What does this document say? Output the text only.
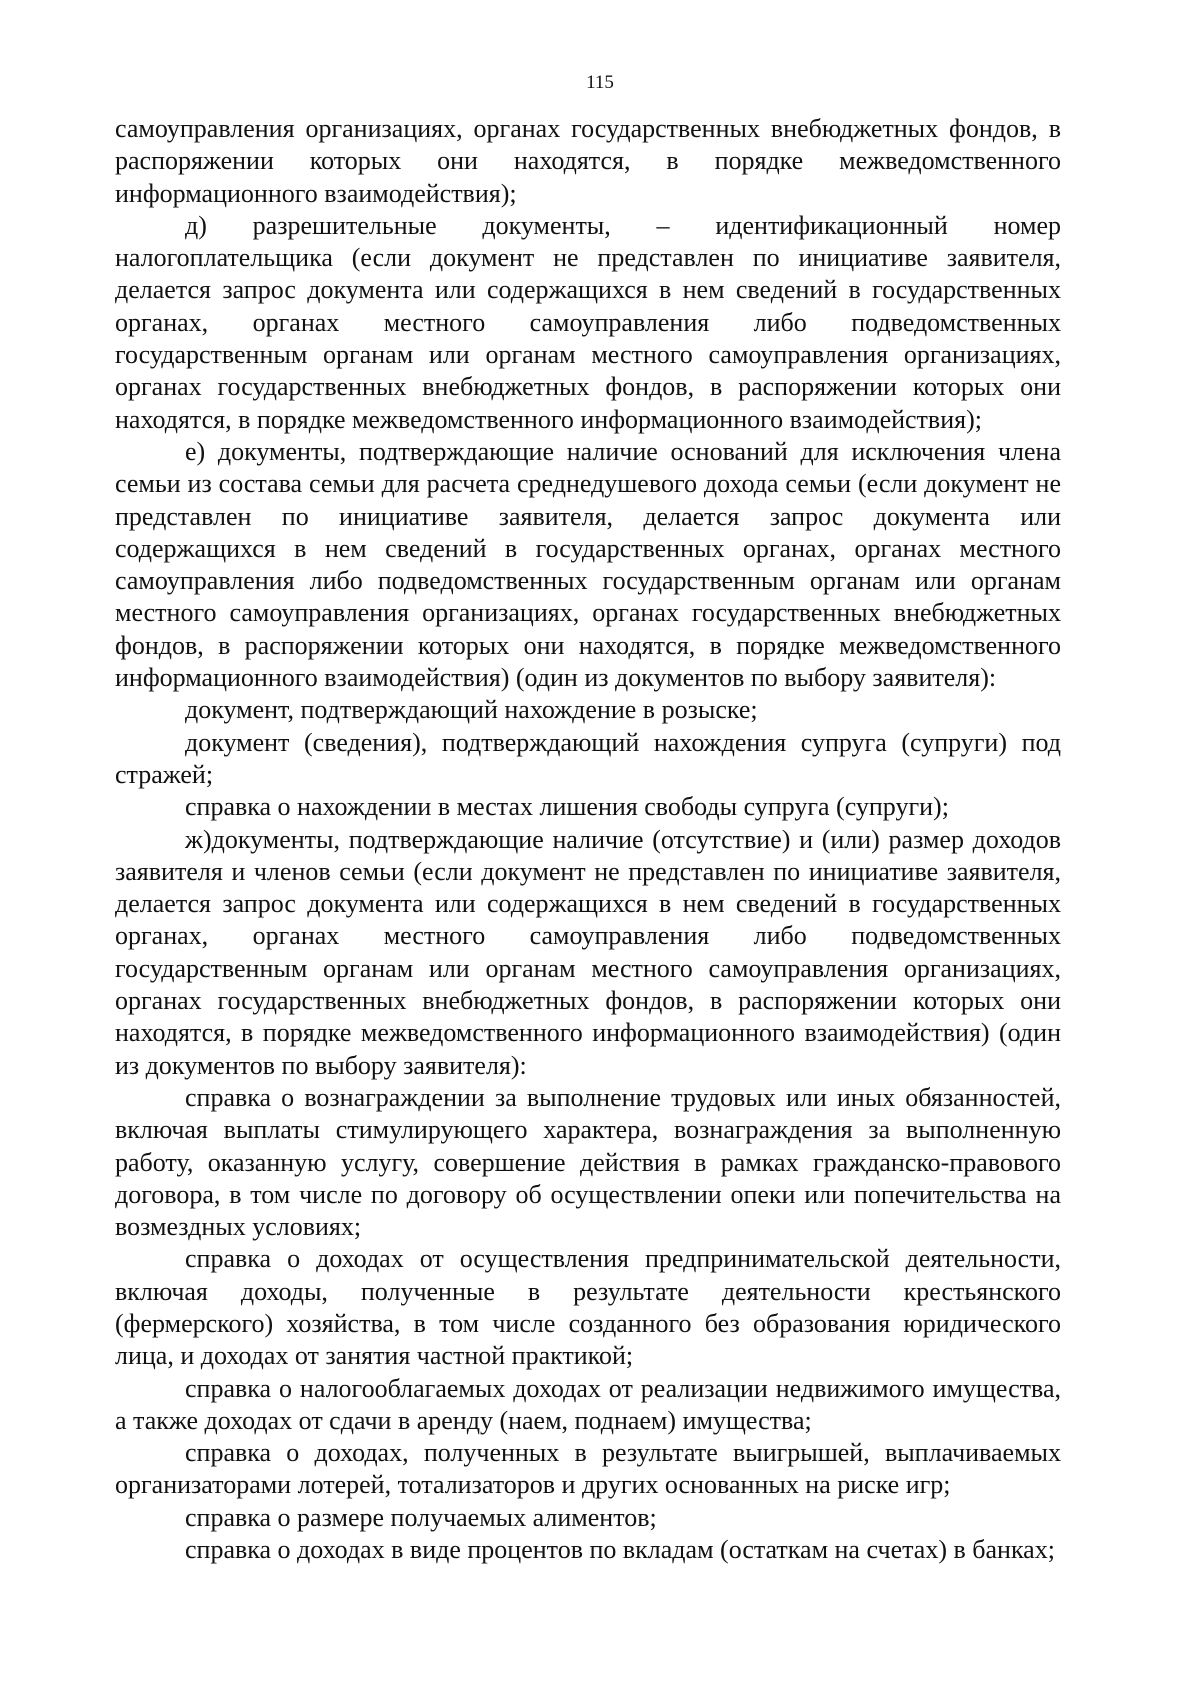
115

самоуправления организациях, органах государственных внебюджетных фондов, в распоряжении которых они находятся, в порядке межведомственного информационного взаимодействия);

д) разрешительные документы, – идентификационный номер налогоплательщика (если документ не представлен по инициативе заявителя, делается запрос документа или содержащихся в нем сведений в государственных органах, органах местного самоуправления либо подведомственных государственным органам или органам местного самоуправления организациях, органах государственных внебюджетных фондов, в распоряжении которых они находятся, в порядке межведомственного информационного взаимодействия);

е) документы, подтверждающие наличие оснований для исключения члена семьи из состава семьи для расчета среднедушевого дохода семьи (если документ не представлен по инициативе заявителя, делается запрос документа или содержащихся в нем сведений в государственных органах, органах местного самоуправления либо подведомственных государственным органам или органам местного самоуправления организациях, органах государственных внебюджетных фондов, в распоряжении которых они находятся, в порядке межведомственного информационного взаимодействия) (один из документов по выбору заявителя):

документ, подтверждающий нахождение в розыске;

документ (сведения), подтверждающий нахождения супруга (супруги) под стражей;

справка о нахождении в местах лишения свободы супруга (супруги);

ж)документы, подтверждающие наличие (отсутствие) и (или) размер доходов заявителя и членов семьи (если документ не представлен по инициативе заявителя, делается запрос документа или содержащихся в нем сведений в государственных органах, органах местного самоуправления либо подведомственных государственным органам или органам местного самоуправления организациях, органах государственных внебюджетных фондов, в распоряжении которых они находятся, в порядке межведомственного информационного взаимодействия) (один из документов по выбору заявителя):

справка о вознаграждении за выполнение трудовых или иных обязанностей, включая выплаты стимулирующего характера, вознаграждения за выполненную работу, оказанную услугу, совершение действия в рамках гражданско-правового договора, в том числе по договору об осуществлении опеки или попечительства на возмездных условиях;

справка о доходах от осуществления предпринимательской деятельности, включая доходы, полученные в результате деятельности крестьянского (фермерского) хозяйства, в том числе созданного без образования юридического лица, и доходах от занятия частной практикой;

справка о налогооблагаемых доходах от реализации недвижимого имущества, а также доходах от сдачи в аренду (наем, поднаем) имущества;

справка о доходах, полученных в результате выигрышей, выплачиваемых организаторами лотерей, тотализаторов и других основанных на риске игр;

справка о размере получаемых алиментов;

справка о доходах в виде процентов по вкладам (остаткам на счетах) в банках;
